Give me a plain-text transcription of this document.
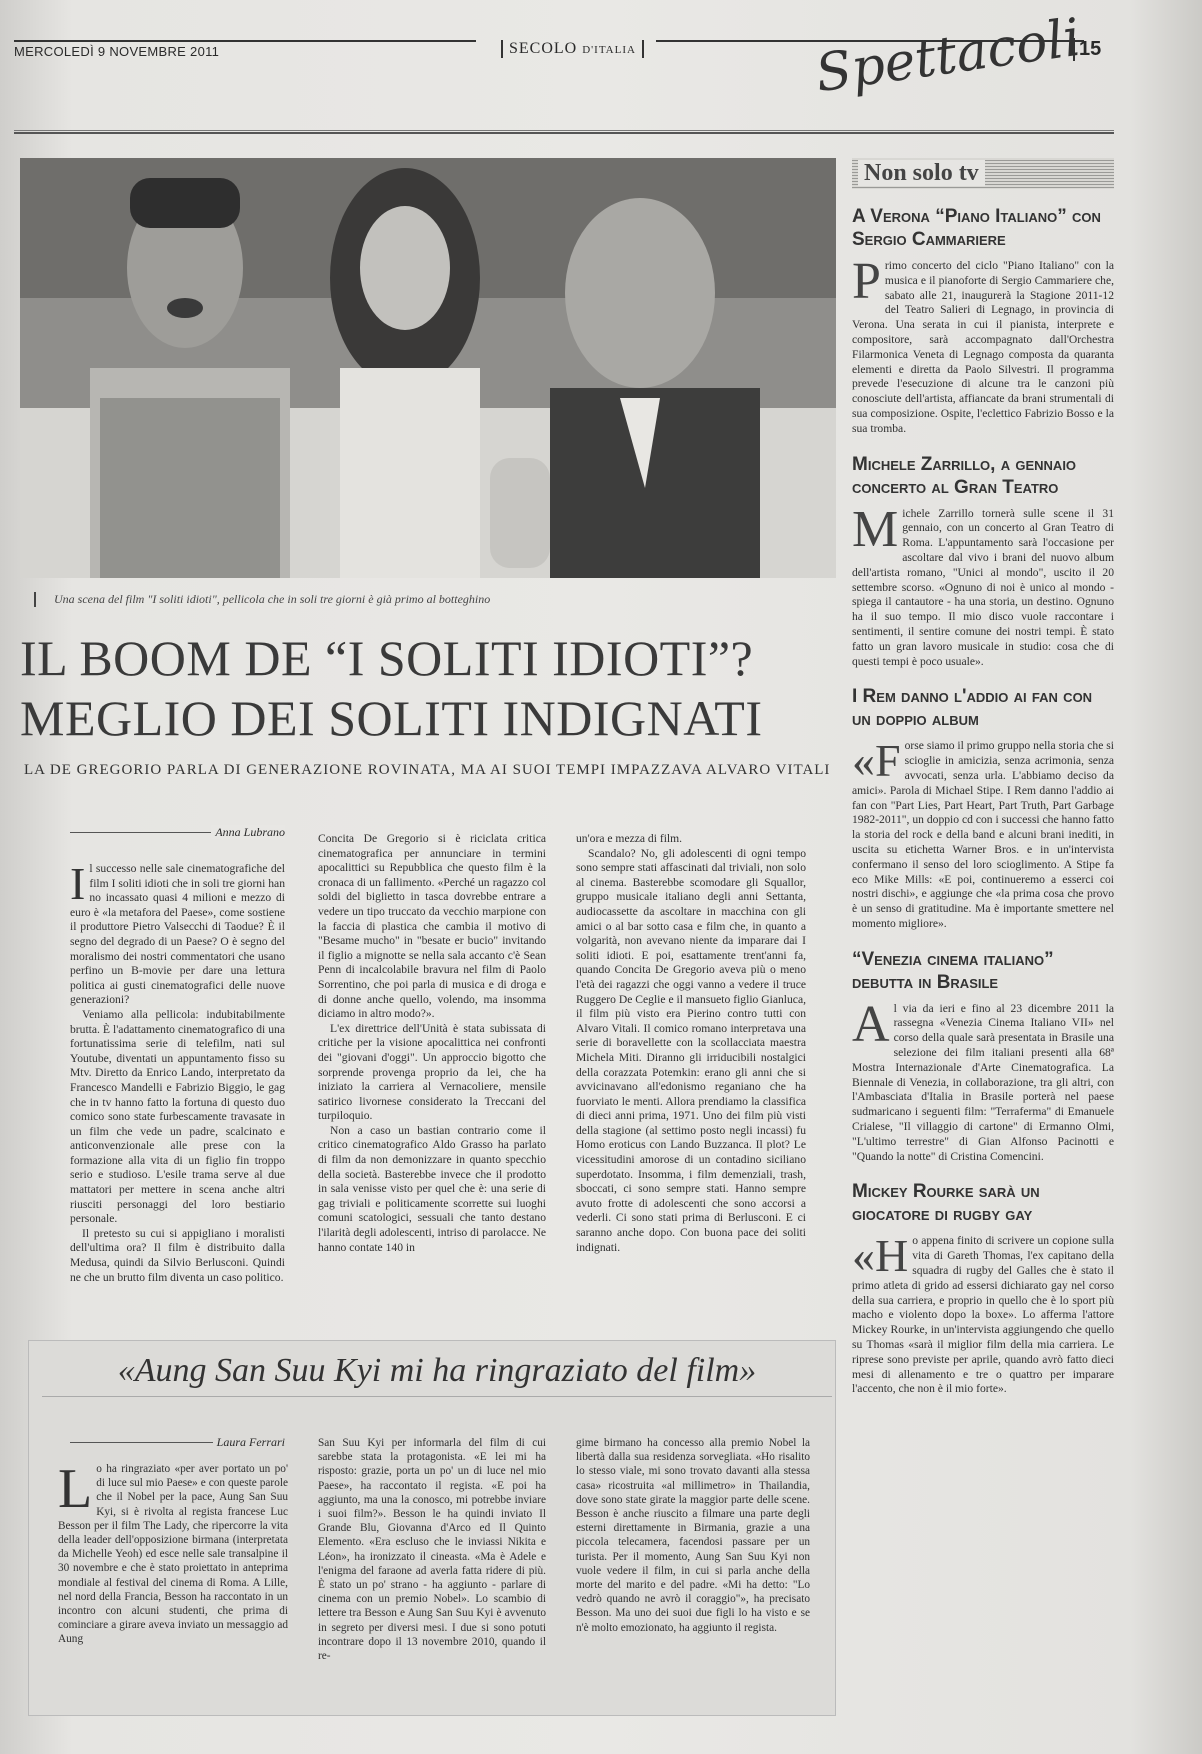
MERCOLEDÌ 9 NOVEMBRE 2011	SECOLO D'ITALIA	Spettacoli
15
Una scena del film "I soliti idioti", pellicola che in soli tre giorni è già primo al botteghino
IL BOOM DE “I SOLITI IDIOTI”?
MEGLIO DEI SOLITI INDIGNATI
LA DE GREGORIO PARLA DI GENERAZIONE ROVINATA, MA AI SUOI TEMPI IMPAZZAVA ALVARO VITALI
Anna Lubrano
I l successo nelle sale cinematografiche del film I soliti idioti che in soli tre giorni han no incassato quasi 4 milioni e mezzo di euro è «la metafora del Paese», come sostiene il produttore Pietro Valsecchi di Taodue? È il segno del degrado di un Paese? O è segno del moralismo dei nostri commentatori che usano perfino un B-movie per dare una lettura politica ai gusti cinematografici delle nuove generazioni?

Veniamo alla pellicola: indubitabilmente brutta. È l'adattamento cinematografico di una fortunatissima serie di telefilm, nati sul Youtube, diventati un appuntamento fisso su Mtv. Diretto da Enrico Lando, interpretato da Francesco Mandelli e Fabrizio Biggio, le gag che in tv hanno fatto la fortuna di questo duo comico sono state furbescamente travasate in un film che vede un padre, scalcinato e anticonvenzionale alle prese con la formazione alla vita di un figlio fin troppo serio e studioso. L'esile trama serve al due mattatori per mettere in scena anche altri riusciti personaggi del loro bestiario personale.

Il pretesto su cui si appigliano i moralisti dell'ultima ora? Il film è distribuito dalla Medusa, quindi da Silvio Berlusconi. Quindi ne che un brutto film diventa un caso politico.

Concita De Gregorio si è riciclata critica cinematografica per annunciare in termini apocalittici su Repubblica che questo film è la cronaca di un fallimento. «Perché un ragazzo col soldi del biglietto in tasca dovrebbe entrare a vedere un tipo truccato da vecchio marpione con la faccia di plastica che cambia il motivo di "Besame mucho" in "besate er bucio" invitando il figlio a mignotte se nella sala accanto c'è Sean Penn di incalcolabile bravura nel film di Paolo Sorrentino, che poi parla di musica e di droga e di donne anche quello, volendo, ma insomma diciamo in altro modo?».

L'ex direttrice dell'Unità è stata subissata di critiche per la visione apocalittica nei confronti dei "giovani d'oggi". Un approccio bigotto che sorprende provenga proprio da lei, che ha iniziato la carriera al Vernacoliere, mensile satirico livornese considerato la Treccani del turpiloquio.

Non a caso un bastian contrario come il critico cinematografico Aldo Grasso ha parlato di film da non demonizzare in quanto specchio della società. Basterebbe invece che il prodotto in sala venisse visto per quel che è: una serie di gag triviali e politicamente scorrette sui luoghi comuni scatologici, sessuali che tanto destano l'ilarità degli adolescenti, intriso di parolacce. Ne hanno contate 140 in

un'ora e mezza di film.

Scandalo? No, gli adolescenti di ogni tempo sono sempre stati affascinati dal triviali, non solo al cinema. Basterebbe scomodare gli Squallor, gruppo musicale italiano degli anni Settanta, audiocassette da ascoltare in macchina con gli amici o al bar sotto casa e film che, in quanto a volgarità, non avevano niente da imparare dai I soliti idioti. E poi, esattamente trent'anni fa, quando Concita De Gregorio aveva più o meno l'età dei ragazzi che oggi vanno a vedere il truce Ruggero De Ceglie e il mansueto figlio Gianluca, il film più visto era Pierino contro tutti con Alvaro Vitali. Il comico romano interpretava una serie di boravellette con la scollacciata maestra Michela Miti. Diranno gli irriducibili nostalgici della corazzata Potemkin: erano gli anni che si avvicinavano all'edonismo reganiano che ha fuorviato le menti. Allora prendiamo la classifica di dieci anni prima, 1971. Uno dei film più visti della stagione (al settimo posto negli incassi) fu Homo eroticus con Lando Buzzanca. Il plot? Le vicessitudini amorose di un contadino siciliano superdotato. Insomma, i film demenziali, trash, sboccati, ci sono sempre stati. Hanno sempre avuto frotte di adolescenti che sono accorsi a vederli. Ci sono stati prima di Berlusconi. E ci saranno anche dopo. Con buona pace dei soliti indignati.

«Aung San Suu Kyi mi ha ringraziato del film»
Laura Ferrari
L o ha ringraziato «per aver portato un po' di luce sul mio Paese» e con queste parole che il Nobel per la pace, Aung San Suu Kyi, si è rivolta al regista francese Luc Besson per il film The Lady, che ripercorre la vita della leader dell'opposizione birmana (interpretata da Michelle Yeoh) ed esce nelle sale transalpine il 30 novembre e che è stato proiettato in anteprima mondiale al festival del cinema di Roma. A Lille, nel nord della Francia, Besson ha raccontato in un incontro con alcuni studenti, che prima di cominciare a girare aveva inviato un messaggio ad Aung

San Suu Kyi per informarla del film di cui sarebbe stata la protagonista. «E lei mi ha risposto: grazie, porta un po' un di luce nel mio Paese», ha raccontato il regista. «E poi ha aggiunto, ma una la conosco, mi potrebbe inviare i suoi film?». Besson le ha quindi inviato Il Grande Blu, Giovanna d'Arco ed Il Quinto Elemento. «Era escluso che le inviassi Nikita e Léon», ha ironizzato il cineasta. «Ma è Adele e l'enigma del faraone ad averla fatta ridere di più. È stato un po' strano - ha aggiunto - parlare di cinema con un premio Nobel». Lo scambio di lettere tra Besson e Aung San Suu Kyi è avvenuto in segreto per diversi mesi. I due si sono potuti incontrare dopo il 13 novembre 2010, quando il re-

gime birmano ha concesso alla premio Nobel la libertà dalla sua residenza sorvegliata. «Ho risalito lo stesso viale, mi sono trovato davanti alla stessa casa» ricostruita «al millimetro» in Thailandia, dove sono state girate la maggior parte delle scene. Besson è anche riuscito a filmare una parte degli esterni direttamente in Birmania, grazie a una piccola telecamera, facendosi passare per un turista. Per il momento, Aung San Suu Kyi non vuole vedere il film, in cui si parla anche della morte del marito e del padre. «Mi ha detto: "Lo vedrò quando ne avrò il coraggio"», ha precisato Besson. Ma uno dei suoi due figli lo ha visto e se n'è molto emozionato, ha aggiunto il regista.

Non solo tv
A Verona “Piano Italiano” con Sergio Cammariere
P rimo concerto del ciclo "Piano Italiano" con la musica e il pianoforte di Sergio Cammariere che, sabato alle 21, inaugurerà la Stagione 2011-12 del Teatro Salieri di Legnago, in provincia di Verona. Una serata in cui il pianista, interprete e compositore, sarà accompagnato dall'Orchestra Filarmonica Veneta di Legnago composta da quaranta elementi e diretta da Paolo Silvestri. Il programma prevede l'esecuzione di alcune tra le canzoni più conosciute dell'artista, affiancate da brani strumentali di sua composizione. Ospite, l'eclettico Fabrizio Bosso e la sua tromba.
Michele Zarrillo, a gennaio concerto al Gran Teatro
M ichele Zarrillo tornerà sulle scene il 31 gennaio, con un concerto al Gran Teatro di Roma. L'appuntamento sarà l'occasione per ascoltare dal vivo i brani del nuovo album dell'artista romano, "Unici al mondo", uscito il 20 settembre scorso. «Ognuno di noi è unico al mondo - spiega il cantautore - ha una storia, un destino. Ognuno ha il suo tempo. Il mio disco vuole raccontare i sentimenti, il sentire comune dei nostri tempi. È stato fatto un gran lavoro musicale in studio: cosa che di questi tempi è poco usuale».
I Rem danno l'addio ai fan con un doppio album
«F orse siamo il primo gruppo nella storia che si scioglie in amicizia, senza acrimonia, senza avvocati, senza urla. L'abbiamo deciso da amici». Parola di Michael Stipe. I Rem danno l'addio ai fan con "Part Lies, Part Heart, Part Truth, Part Garbage 1982-2011", un doppio cd con i successi che hanno fatto la storia del rock e della band e alcuni brani inediti, in uscita su etichetta Warner Bros. e in un'intervista confermano il senso del loro scioglimento. A Stipe fa eco Mike Mills: «E poi, continueremo a esserci coi nostri dischi», e aggiunge che «la prima cosa che provo è un senso di gratitudine. Ma è importante smettere nel momento migliore».
“Venezia cinema italiano” debutta in Brasile
A l via da ieri e fino al 23 dicembre 2011 la rassegna «Venezia Cinema Italiano VII» nel corso della quale sarà presentata in Brasile una selezione dei film italiani presenti alla 68ª Mostra Internazionale d'Arte Cinematografica. La Biennale di Venezia, in collaborazione, tra gli altri, con l'Ambasciata d'Italia in Brasile porterà nel paese sudmaricano i seguenti film: "Terraferma" di Emanuele Crialese, "Il villaggio di cartone" di Ermanno Olmi, "L'ultimo terrestre" di Gian Alfonso Pacinotti e "Quando la notte" di Cristina Comencini.
Mickey Rourke sarà un giocatore di rugby gay
«H o appena finito di scrivere un copione sulla vita di Gareth Thomas, l'ex capitano della squadra di rugby del Galles che è stato il primo atleta di grido ad essersi dichiarato gay nel corso della sua carriera, e proprio in quello che è lo sport più macho e violento dopo la boxe». Lo afferma l'attore Mickey Rourke, in un'intervista aggiungendo che quello su Thomas «sarà il miglior film della mia carriera. Le riprese sono previste per aprile, quando avrò fatto dieci mesi di allenamento e tre o quattro per imparare l'accento, che non è il mio forte».
